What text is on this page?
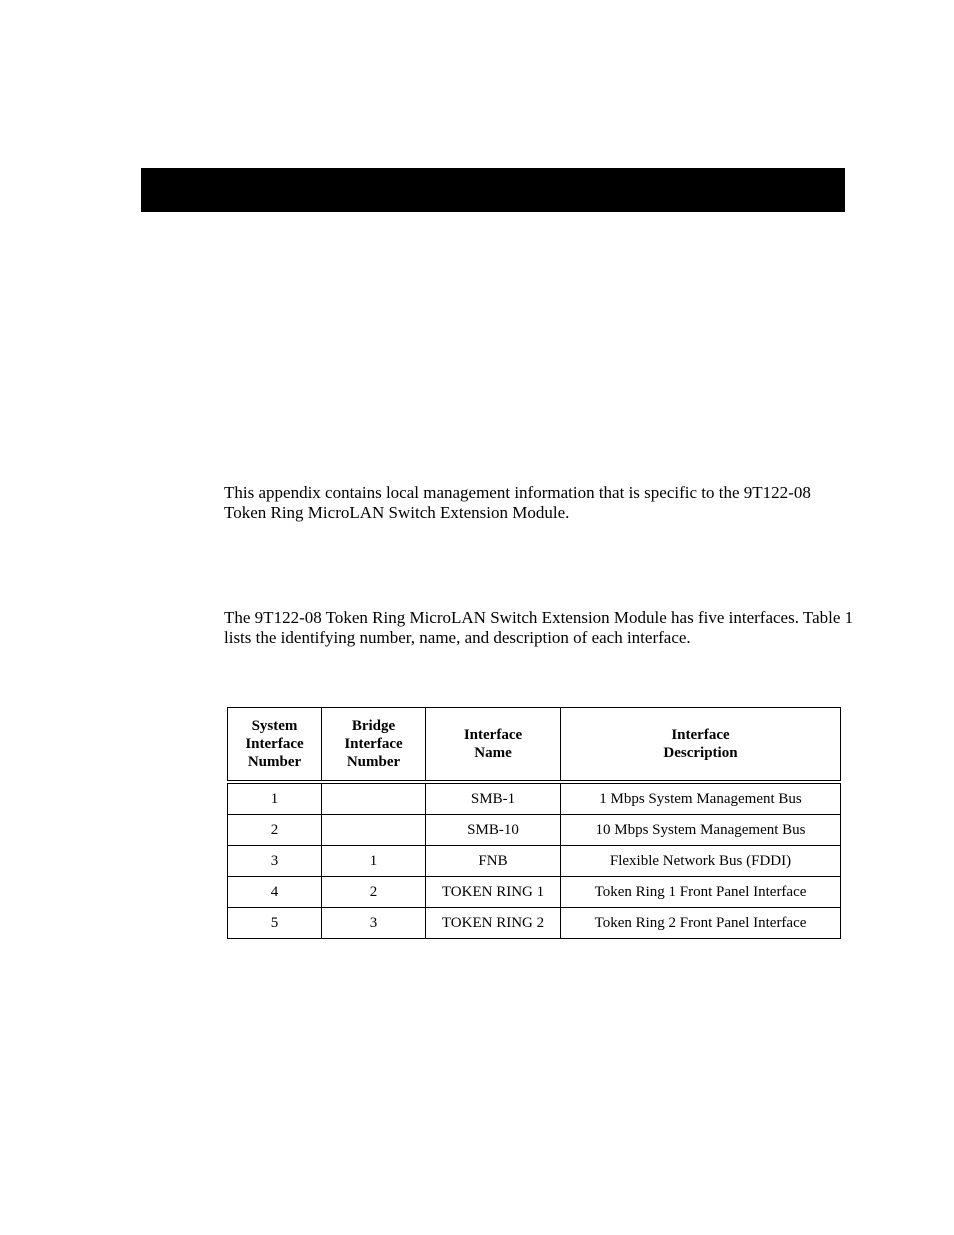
This appendix contains local management information that is specific to the 9T122-08 Token Ring MicroLAN Switch Extension Module.

The 9T122-08 Token Ring MicroLAN Switch Extension Module has five interfaces. Table 1 lists the identifying number, name, and description of each interface.

System
Interface
Number	Bridge
Interface
Number	Interface
Name	Interface
Description

1		SMB-1	1 Mbps System Management Bus
2		SMB-10	10 Mbps System Management Bus
3	1	FNB	Flexible Network Bus (FDDI)
4	2	TOKEN RING 1	Token Ring 1 Front Panel Interface
5	3	TOKEN RING 2	Token Ring 2 Front Panel Interface
